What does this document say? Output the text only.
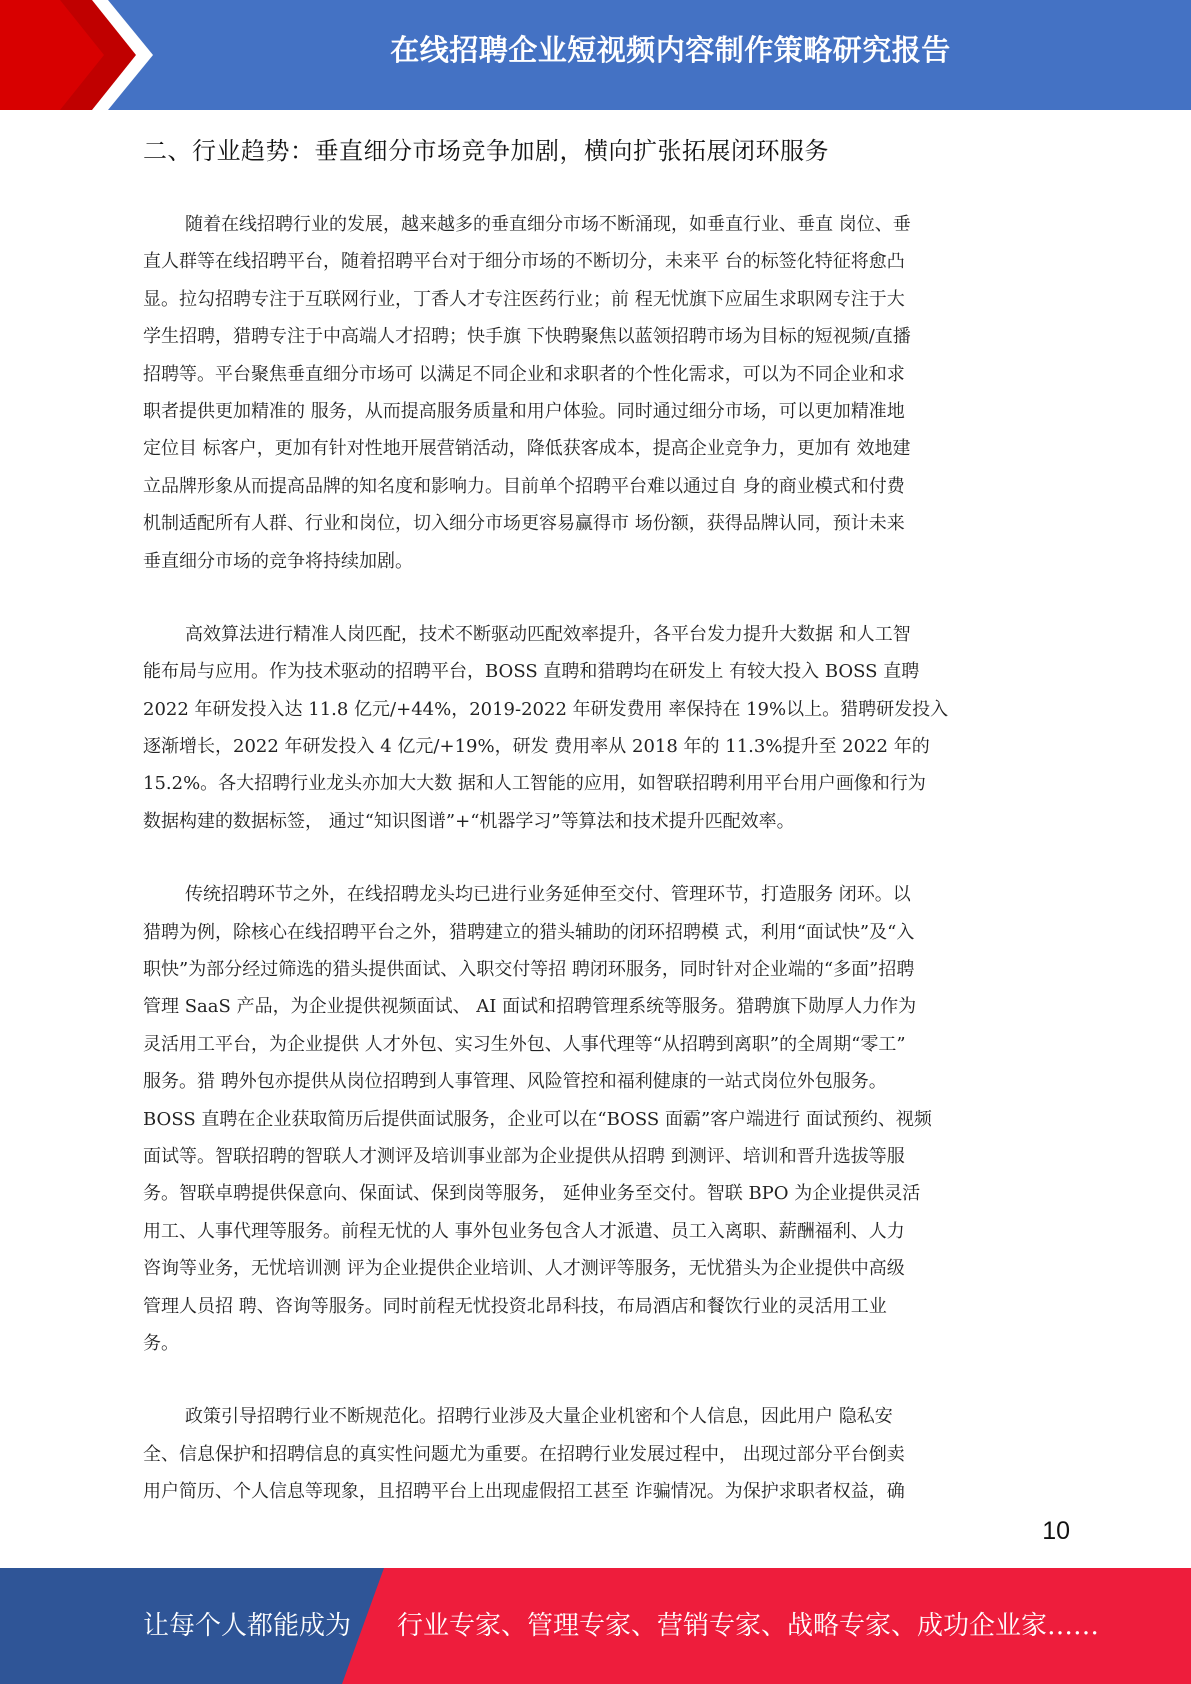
在线招聘企业短视频内容制作策略研究报告
二、行业趋势：垂直细分市场竞争加剧，横向扩张拓展闭环服务
随着在线招聘行业的发展，越来越多的垂直细分市场不断涌现，如垂直行业、垂直 岗位、垂
直人群等在线招聘平台，随着招聘平台对于细分市场的不断切分，未来平 台的标签化特征将愈凸
显。拉勾招聘专注于互联网行业，丁香人才专注医药行业；前 程无忧旗下应届生求职网专注于大
学生招聘，猎聘专注于中高端人才招聘；快手旗 下快聘聚焦以蓝领招聘市场为目标的短视频/直播
招聘等。平台聚焦垂直细分市场可 以满足不同企业和求职者的个性化需求，可以为不同企业和求
职者提供更加精准的 服务，从而提高服务质量和用户体验。同时通过细分市场，可以更加精准地
定位目 标客户，更加有针对性地开展营销活动，降低获客成本，提高企业竞争力，更加有 效地建
立品牌形象从而提高品牌的知名度和影响力。目前单个招聘平台难以通过自 身的商业模式和付费
机制适配所有人群、行业和岗位，切入细分市场更容易赢得市 场份额，获得品牌认同，预计未来
垂直细分市场的竞争将持续加剧。
高效算法进行精准人岗匹配，技术不断驱动匹配效率提升，各平台发力提升大数据 和人工智
能布局与应用。作为技术驱动的招聘平台，BOSS 直聘和猎聘均在研发上 有较大投入 BOSS 直聘
2022 年研发投入达 11.8 亿元/+44%，2019-2022 年研发费用 率保持在 19%以上。猎聘研发投入
逐渐增长，2022 年研发投入 4 亿元/+19%，研发 费用率从 2018 年的 11.3%提升至 2022 年的
15.2%。各大招聘行业龙头亦加大大数 据和人工智能的应用，如智联招聘利用平台用户画像和行为
数据构建的数据标签， 通过“知识图谱”+“机器学习”等算法和技术提升匹配效率。
传统招聘环节之外，在线招聘龙头均已进行业务延伸至交付、管理环节，打造服务 闭环。以
猎聘为例，除核心在线招聘平台之外，猎聘建立的猎头辅助的闭环招聘模 式，利用“面试快”及“入
职快”为部分经过筛选的猎头提供面试、入职交付等招 聘闭环服务，同时针对企业端的“多面”招聘
管理 SaaS 产品，为企业提供视频面试、 AI 面试和招聘管理系统等服务。猎聘旗下勋厚人力作为
灵活用工平台，为企业提供 人才外包、实习生外包、人事代理等“从招聘到离职”的全周期“零工”
服务。猎 聘外包亦提供从岗位招聘到人事管理、风险管控和福利健康的一站式岗位外包服务。
BOSS 直聘在企业获取简历后提供面试服务，企业可以在“BOSS 面霸”客户端进行 面试预约、视频
面试等。智联招聘的智联人才测评及培训事业部为企业提供从招聘 到测评、培训和晋升选拔等服
务。智联卓聘提供保意向、保面试、保到岗等服务， 延伸业务至交付。智联 BPO 为企业提供灵活
用工、人事代理等服务。前程无忧的人 事外包业务包含人才派遣、员工入离职、薪酬福利、人力
咨询等业务，无忧培训测 评为企业提供企业培训、人才测评等服务，无忧猎头为企业提供中高级
管理人员招 聘、咨询等服务。同时前程无忧投资北昂科技，布局酒店和餐饮行业的灵活用工业
务。
政策引导招聘行业不断规范化。招聘行业涉及大量企业机密和个人信息，因此用户 隐私安
全、信息保护和招聘信息的真实性问题尤为重要。在招聘行业发展过程中， 出现过部分平台倒卖
用户简历、个人信息等现象，且招聘平台上出现虚假招工甚至 诈骗情况。为保护求职者权益，确
10
让每个人都能成为 行业专家、管理专家、营销专家、战略专家、成功企业家……
